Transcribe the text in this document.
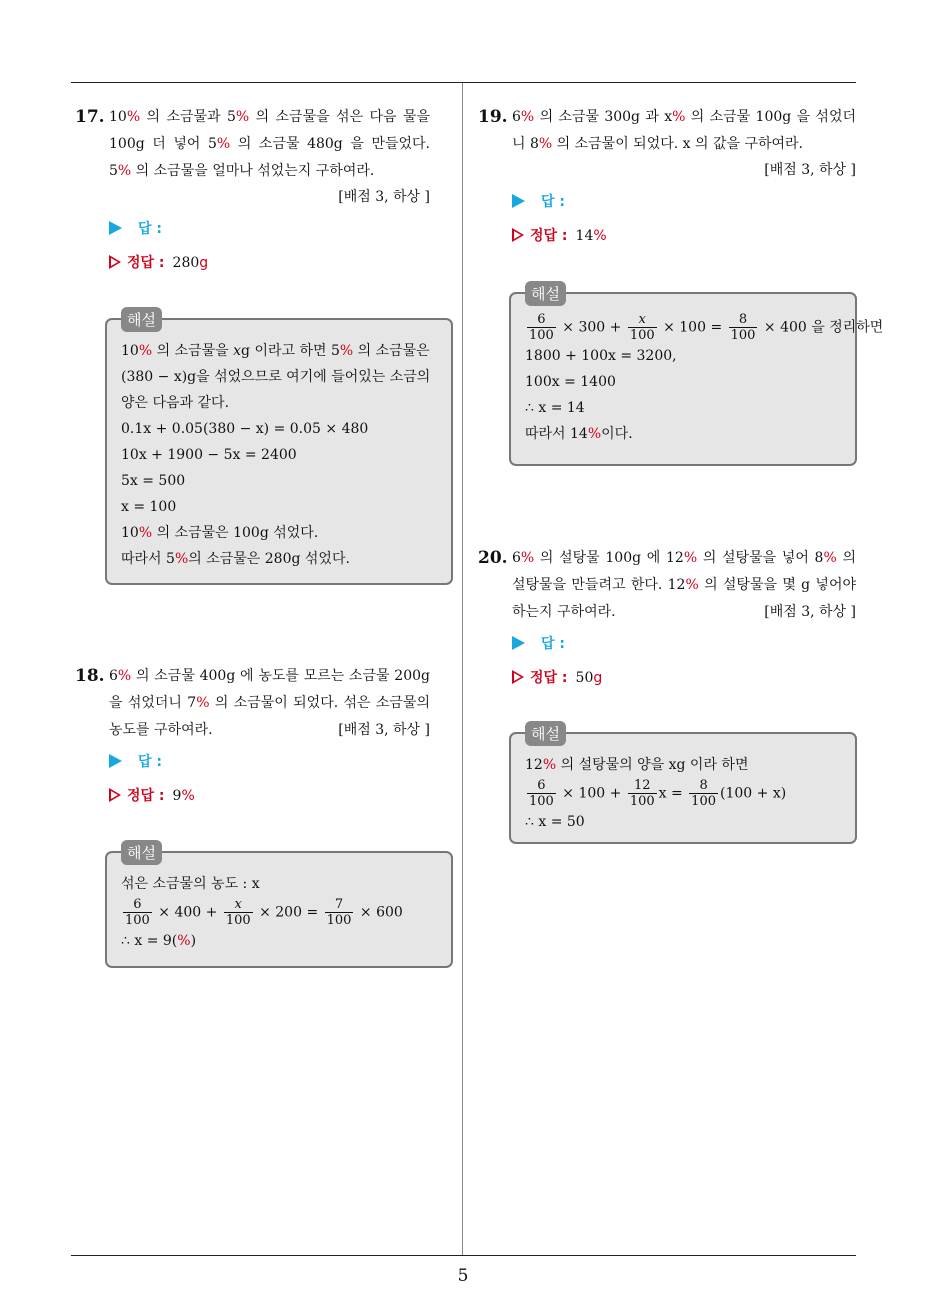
17. 10% 의 소금물과 5% 의 소금물을 섞은 다음 물을 100g 더 넣어 5% 의 소금물 480g 을 만들었다. 5% 의 소금물을 얼마나 섞었는지 구하여라.
[배점 3, 하상 ]
답 :
정답 : 280g
해설
10% 의 소금물을 xg 이라고 하면 5% 의 소금물은
(380 − x)g을 섞었으므로 여기에 들어있는 소금의
양은 다음과 같다.
0.1x + 0.05(380 − x) = 0.05 × 480
10x + 1900 − 5x = 2400
5x = 500
x = 100
10% 의 소금물은 100g 섞었다.
따라서 5%의 소금물은 280g 섞었다.
18. 6% 의 소금물 400g 에 농도를 모르는 소금물 200g 을 섞었더니 7% 의 소금물이 되었다. 섞은 소금물의 농도를 구하여라.	[배점 3, 하상 ]
답 :
정답 : 9%
해설
섞은 소금물의 농도 : x
$\frac{6}{100} \times 400 + \frac{x}{100} \times 200 = \frac{7}{100} \times 600$
∴ x = 9(%)
19. 6% 의 소금물 300g 과 x% 의 소금물 100g 을 섞었더니 8% 의 소금물이 되었다. x 의 값을 구하여라.
[배점 3, 하상 ]
답 :
정답 : 14%
해설
$\frac{6}{100} \times 300 + \frac{x}{100} \times 100 = \frac{8}{100} \times 400$ 을 정리하면
1800 + 100x = 3200,
100x = 1400
∴ x = 14
따라서 14%이다.
20. 6% 의 설탕물 100g 에 12% 의 설탕물을 넣어 8% 의 설탕물을 만들려고 한다. 12% 의 설탕물을 몇 g 넣어야 하는지 구하여라.	[배점 3, 하상 ]
답 :
정답 : 50g
해설
12% 의 설탕물의 양을 xg 이라 하면
$\frac{6}{100} \times 100 + \frac{12}{100}$ $x = \frac{8}{100} (100 + x)$
∴ x = 50
5
